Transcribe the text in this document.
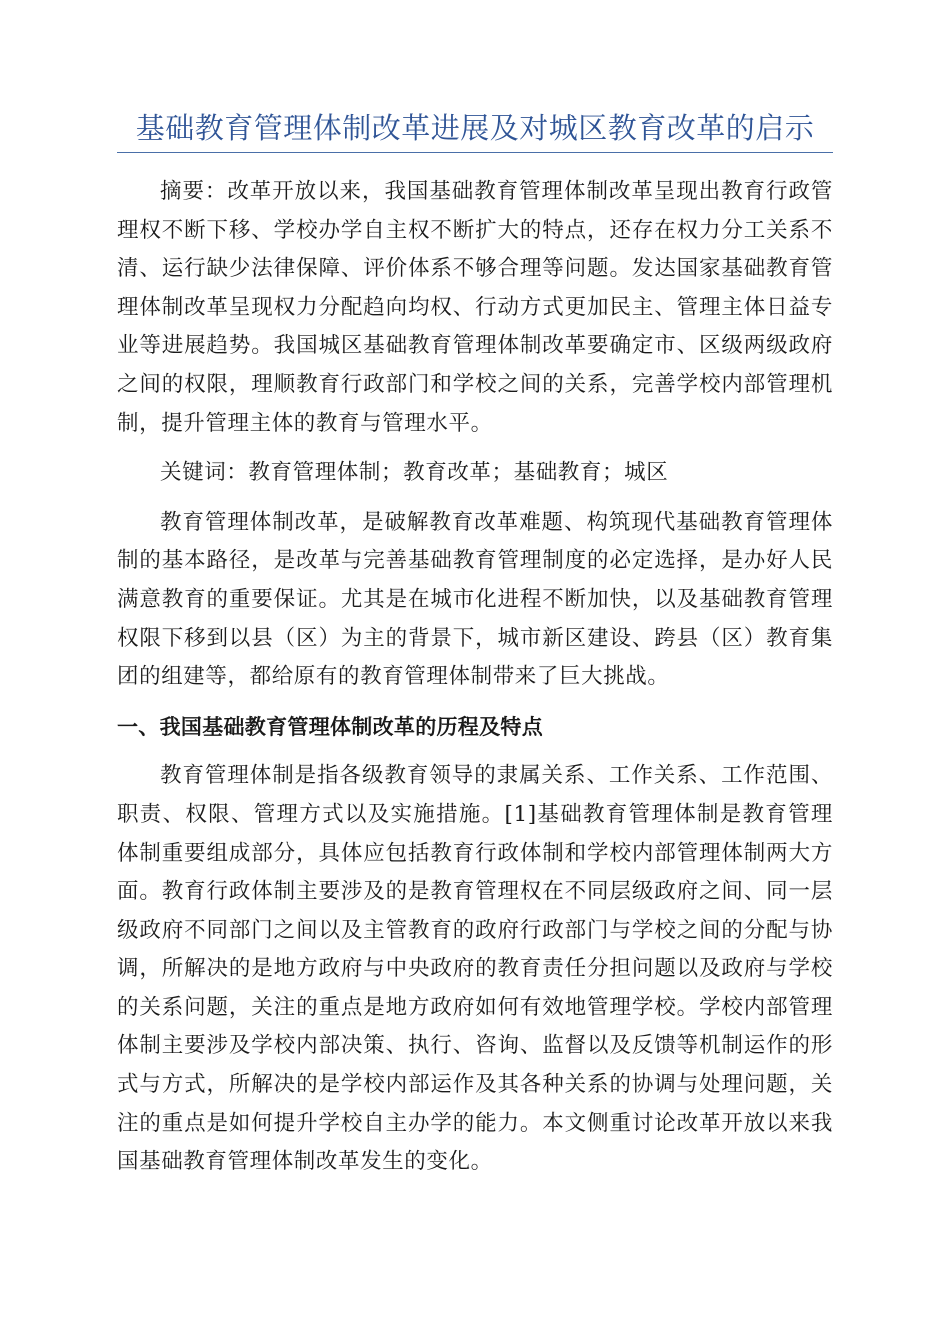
基础教育管理体制改革进展及对城区教育改革的启示

摘要：改革开放以来，我国基础教育管理体制改革呈现出教育行政管理权不断下移、学校办学自主权不断扩大的特点，还存在权力分工关系不清、运行缺少法律保障、评价体系不够合理等问题。发达国家基础教育管理体制改革呈现权力分配趋向均权、行动方式更加民主、管理主体日益专业等进展趋势。我国城区基础教育管理体制改革要确定市、区级两级政府之间的权限，理顺教育行政部门和学校之间的关系，完善学校内部管理机制，提升管理主体的教育与管理水平。

关键词：教育管理体制；教育改革；基础教育；城区

教育管理体制改革，是破解教育改革难题、构筑现代基础教育管理体制的基本路径，是改革与完善基础教育管理制度的必定选择，是办好人民满意教育的重要保证。尤其是在城市化进程不断加快，以及基础教育管理权限下移到以县（区）为主的背景下，城市新区建设、跨县（区）教育集团的组建等，都给原有的教育管理体制带来了巨大挑战。

一、我国基础教育管理体制改革的历程及特点

教育管理体制是指各级教育领导的隶属关系、工作关系、工作范围、职责、权限、管理方式以及实施措施。[1]基础教育管理体制是教育管理体制重要组成部分，具体应包括教育行政体制和学校内部管理体制两大方面。教育行政体制主要涉及的是教育管理权在不同层级政府之间、同一层级政府不同部门之间以及主管教育的政府行政部门与学校之间的分配与协调，所解决的是地方政府与中央政府的教育责任分担问题以及政府与学校的关系问题，关注的重点是地方政府如何有效地管理学校。学校内部管理体制主要涉及学校内部决策、执行、咨询、监督以及反馈等机制运作的形式与方式，所解决的是学校内部运作及其各种关系的协调与处理问题，关注的重点是如何提升学校自主办学的能力。本文侧重讨论改革开放以来我国基础教育管理体制改革发生的变化。
